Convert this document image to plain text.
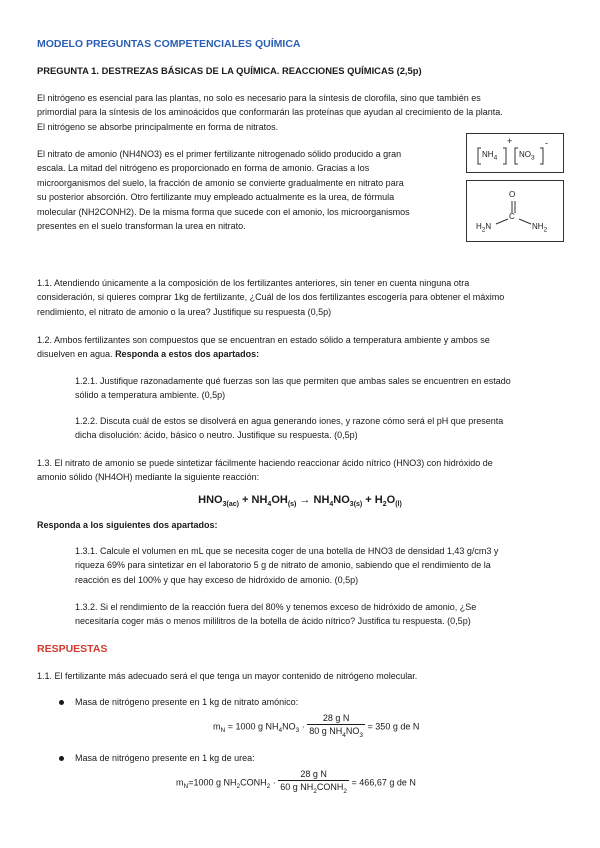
MODELO PREGUNTAS COMPETENCIALES QUÍMICA
PREGUNTA 1. DESTREZAS BÁSICAS DE LA QUÍMICA. REACCIONES QUÍMICAS (2,5p)
El nitrógeno es esencial para las plantas, no solo es necesario para la síntesis de clorofila, sino que también es
primordial para la síntesis de los aminoácidos que conformarán las proteínas que ayudan al crecimiento de la planta.
El nitrógeno se absorbe principalmente en forma de nitratos.
El nitrato de amonio (NH4NO3) es el primer fertilizante nitrogenado sólido producido a gran
escala. La mitad del nitrógeno es proporcionado en forma de amonio. Gracias a los
microorganismos del suelo, la fracción de amonio se convierte gradualmente en nitrato para
su posterior absorción. Otro fertilizante muy empleado actualmente es la urea, de fórmula
molecular (NH2CONH2). De la misma forma que sucede con el amonio, los microorganismos
presentes en el suelo transforman la urea en nitrato.
$NH_4$
+
$NO_3$
-
O
C
$H_2N$	$NH_2$
1.1. Atendiendo únicamente a la composición de los fertilizantes anteriores, sin tener en cuenta ninguna otra
consideración, si quieres comprar 1kg de fertilizante, ¿Cuál de los dos fertilizantes escogería para obtener el máximo
rendimiento, el nitrato de amonio o la urea? Justifique su respuesta (0,5p)
1.2. Ambos fertilizantes son compuestos que se encuentran en estado sólido a temperatura ambiente y ambos se
disuelven en agua. Responda a estos dos apartados:
1.2.1. Justifique razonadamente qué fuerzas son las que permiten que ambas sales se encuentren en estado
sólido a temperatura ambiente. (0,5p)
1.2.2. Discuta cuál de estos se disolverá en agua generando iones, y razone cómo será el pH que presenta
dicha disolución: ácido, básico o neutro. Justifique su respuesta. (0,5p)
1.3. El nitrato de amonio se puede sintetizar fácilmente haciendo reaccionar ácido nítrico (HNO3) con hidróxido de
amonio sólido (NH4OH) mediante la siguiente reacción:
$HNO_{3(ac)} + NH_4OH_{(s)} \to NH_4NO_{3(s)} + H_2O_{(l)}$
Responda a los siguientes dos apartados:
1.3.1. Calcule el volumen en mL que se necesita coger de una botella de HNO3 de densidad 1,43 g/cm3 y
riqueza 69% para sintetizar en el laboratorio 5 g de nitrato de amonio, sabiendo que el rendimiento de la
reacción es del 100% y que hay exceso de hidróxido de amonio. (0,5p)
1.3.2. Si el rendimiento de la reacción fuera del 80% y tenemos exceso de hidróxido de amonio, ¿Se
necesitaría coger más o menos mililitros de la botella de ácido nítrico? Justifica tu respuesta. (0,5p)
RESPUESTAS
1.1. El fertilizante más adecuado será el que tenga un mayor contenido de nitrógeno molecular.
Masa de nitrógeno presente en 1 kg de nitrato amónico:
$m_N = 1000$ g $NH_4NO_3 \cdot \frac{\text{28 g N}}{80 g NH_4NO_3} = 350$ g de N
Masa de nitrógeno presente en 1 kg de urea:
$m_N=1000$ g $NH_2CONH_2 \cdot \frac{\text{28 g N}}{60 g NH_2CONH_2} = 466,67$ g de N
